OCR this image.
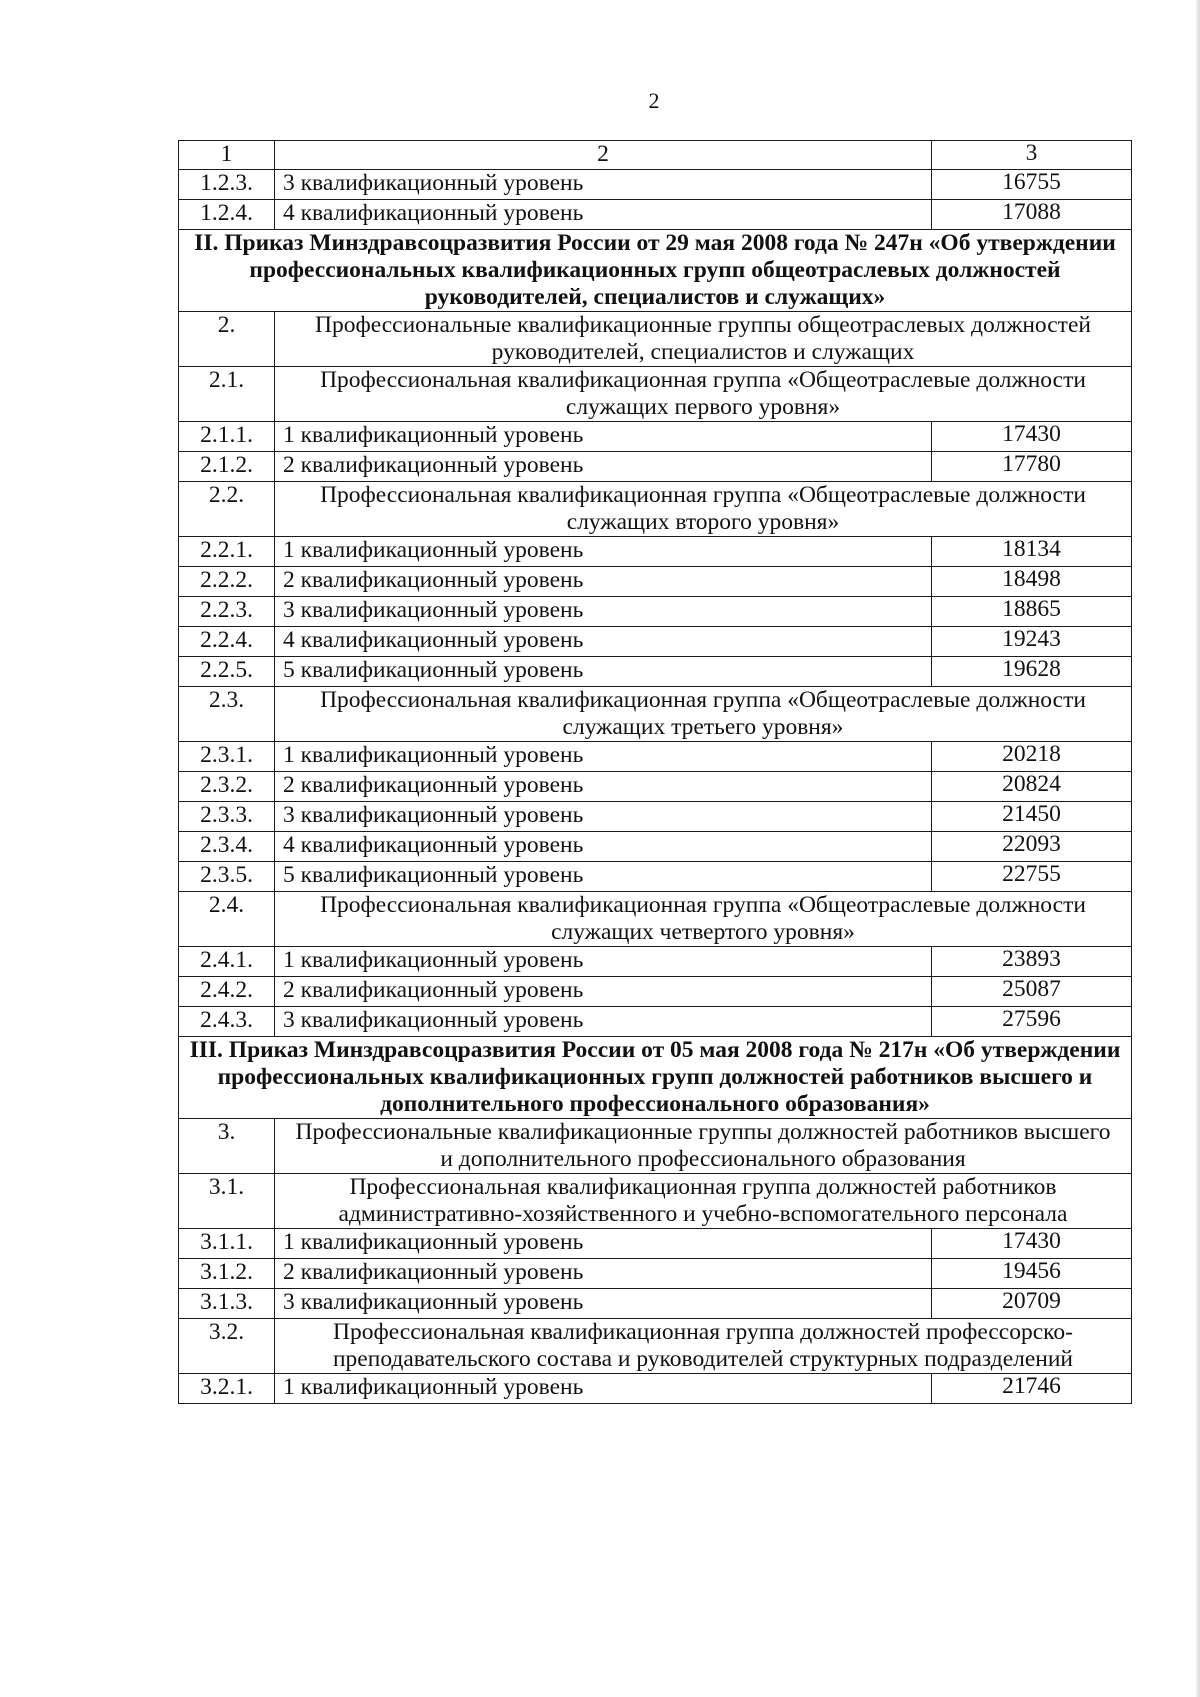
2
1	2	3
1.2.3.	3 квалификационный уровень	16755
1.2.4.	4 квалификационный уровень	17088
II. Приказ Минздравсоцразвития России от 29 мая 2008 года № 247н «Об утверждении профессиональных квалификационных групп общеотраслевых должностей руководителей, специалистов и служащих»		
2.	Профессиональные квалификационные группы общеотраслевых должностей руководителей, специалистов и служащих	
2.1.	Профессиональная квалификационная группа «Общеотраслевые должности служащих первого уровня»	
2.1.1.	1 квалификационный уровень	17430
2.1.2.	2 квалификационный уровень	17780
2.2.	Профессиональная квалификационная группа «Общеотраслевые должности служащих второго уровня»	
2.2.1.	1 квалификационный уровень	18134
2.2.2.	2 квалификационный уровень	18498
2.2.3.	3 квалификационный уровень	18865
2.2.4.	4 квалификационный уровень	19243
2.2.5.	5 квалификационный уровень	19628
2.3.	Профессиональная квалификационная группа «Общеотраслевые должности служащих третьего уровня»	
2.3.1.	1 квалификационный уровень	20218
2.3.2.	2 квалификационный уровень	20824
2.3.3.	3 квалификационный уровень	21450
2.3.4.	4 квалификационный уровень	22093
2.3.5.	5 квалификационный уровень	22755
2.4.	Профессиональная квалификационная группа «Общеотраслевые должности служащих четвертого уровня»	
2.4.1.	1 квалификационный уровень	23893
2.4.2.	2 квалификационный уровень	25087
2.4.3.	3 квалификационный уровень	27596
III. Приказ Минздравсоцразвития России от 05 мая 2008 года № 217н «Об утверждении профессиональных квалификационных групп должностей работников высшего и дополнительного профессионального образования»		
3.	Профессиональные квалификационные группы должностей работников высшего и дополнительного профессионального образования	
3.1.	Профессиональная квалификационная группа должностей работников административно-хозяйственного и учебно-вспомогательного персонала	
3.1.1.	1 квалификационный уровень	17430
3.1.2.	2 квалификационный уровень	19456
3.1.3.	3 квалификационный уровень	20709
3.2.	Профессиональная квалификационная группа должностей профессорско-преподавательского состава и руководителей структурных подразделений	
3.2.1.	1 квалификационный уровень	21746
